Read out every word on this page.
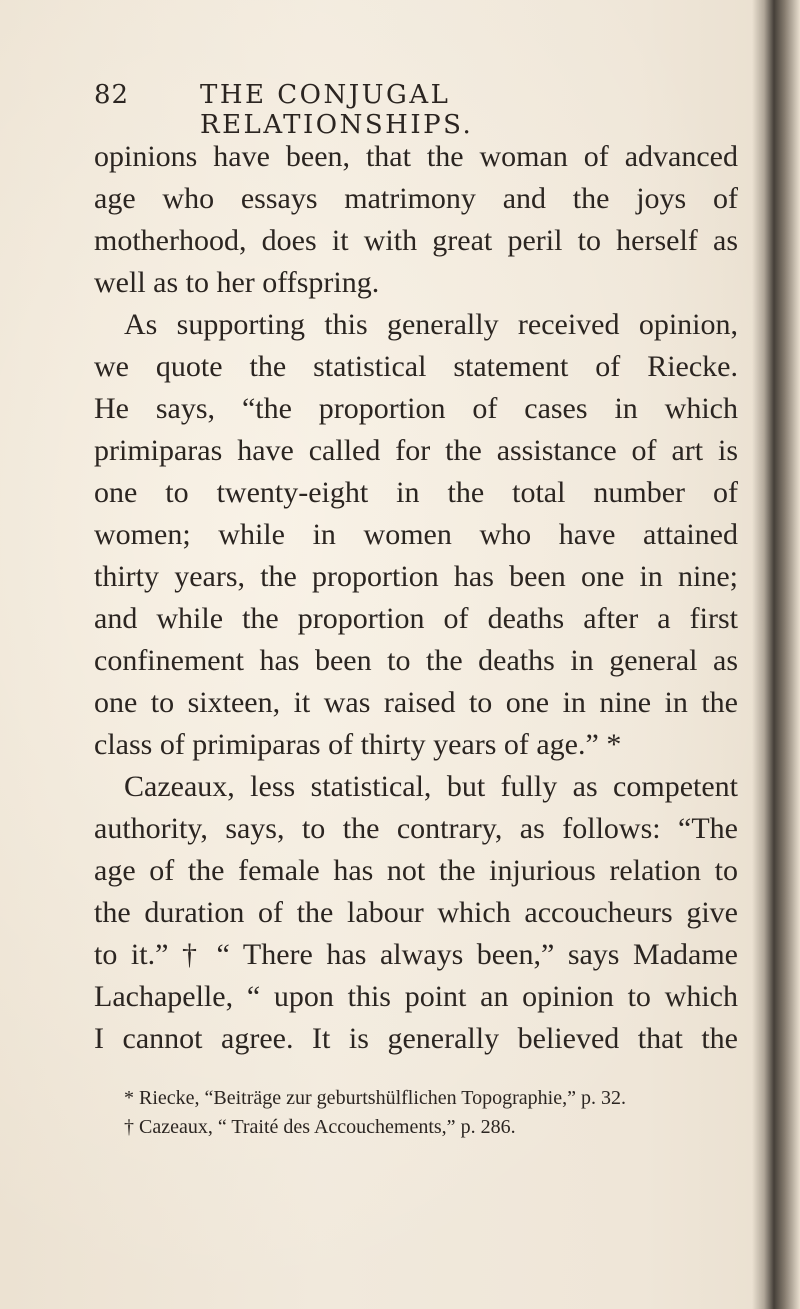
82	THE CONJUGAL RELATIONSHIPS.
opinions have been, that the woman of advanced
age who essays matrimony and the joys of
motherhood, does it with great peril to herself as
well as to her offspring.
As supporting this generally received opinion,
we quote the statistical statement of Riecke.
He says, “the proportion of cases in which
primiparas have called for the assistance of art is
one to twenty-eight in the total number of
women; while in women who have attained
thirty years, the proportion has been one in nine;
and while the proportion of deaths after a first
confinement has been to the deaths in general as
one to sixteen, it was raised to one in nine in the
class of primiparas of thirty years of age.” *
Cazeaux, less statistical, but fully as competent
authority, says, to the contrary, as follows: “The
age of the female has not the injurious relation to
the duration of the labour which accoucheurs give
to it.” † “ There has always been,” says Madame
Lachapelle, “ upon this point an opinion to which
I cannot agree. It is generally believed that the
* Riecke, “Beiträge zur geburtshülflichen Topographie,” p. 32.
† Cazeaux, “ Traité des Accouchements,” p. 286.
